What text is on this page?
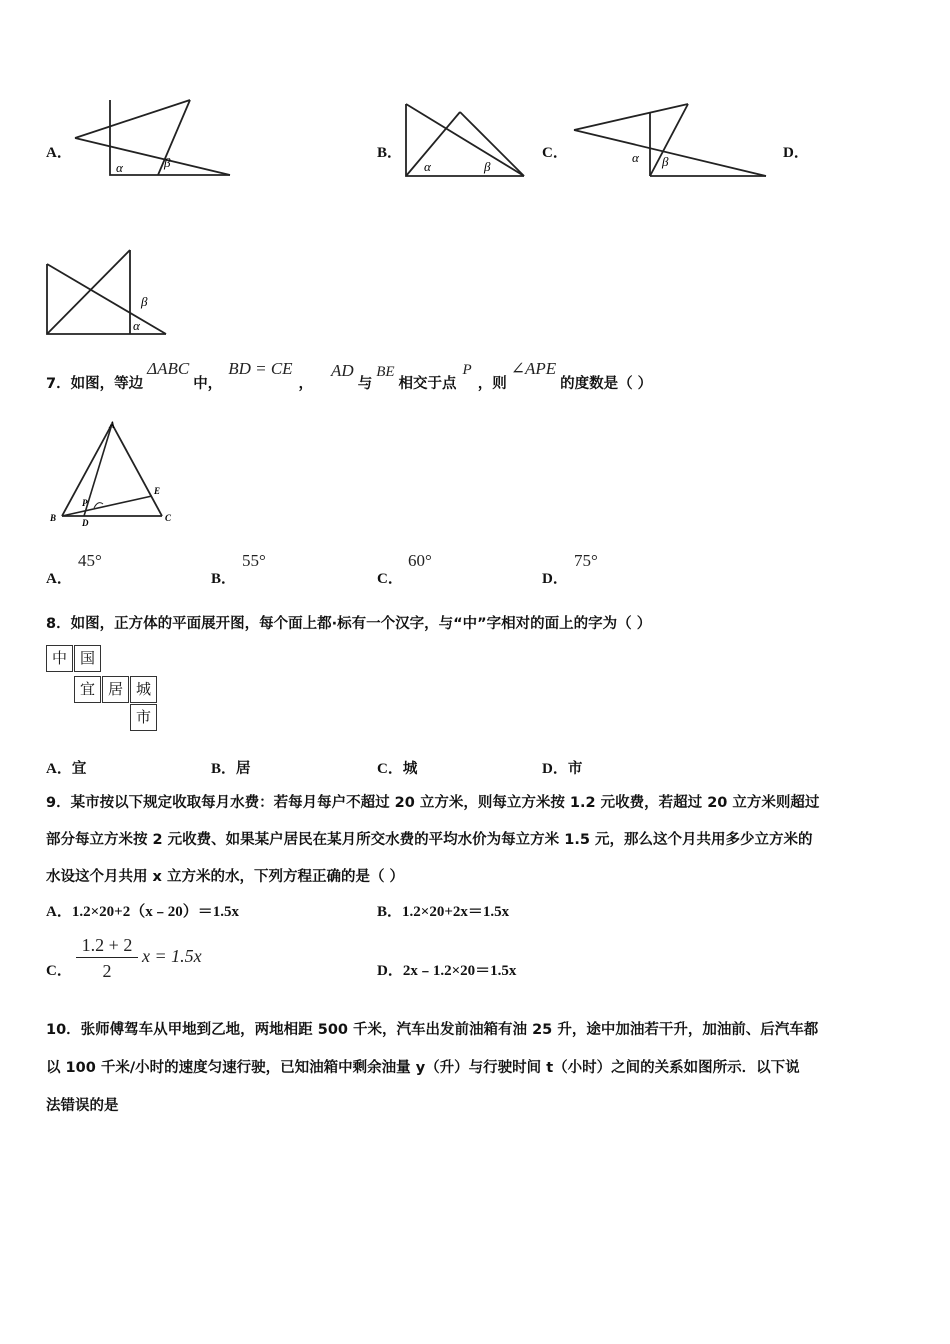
A．
α	β
B．
α	β
C．	α β
D．
β
α
7．如图，等边ΔABC中，BD = CE，AD与BE相交于点P，则∠APE的度数是（ ）
A
B	C
D
E
P
A．
45°
B．
55°
C．
60°
D．
75°
8．如图，正方体的平面展开图，每个面上都·标有一个汉字，与“中”字相对的面上的字为（ ）
中 国
宜 居 城
市
A．宜	B．居	C．城	D．市
9．某市按以下规定收取每月水费：若每月每户不超过 20 立方米，则每立方米按 1.2 元收费，若超过 20 立方米则超过
部分每立方米按 2 元收费、如果某户居民在某月所交水费的平均水价为每立方米 1.5 元，那么这个月共用多少立方米的
水设这个月共用 x 立方米的水，下列方程正确的是（ ）
A．1.2×20+2（x﹣20）＝1.5x	B．1.2×20+2x＝1.5x
C．
1.2 + 2
2
x = 1.5x
D．2x﹣1.2×20＝1.5x
10．张师傅驾车从甲地到乙地，两地相距 500 千米，汽车出发前油箱有油 25 升，途中加油若干升，加油前、后汽车都
以 100 千米/小时的速度匀速行驶，已知油箱中剩余油量 y（升）与行驶时间 t（小时）之间的关系如图所示．以下说
法错误的是
